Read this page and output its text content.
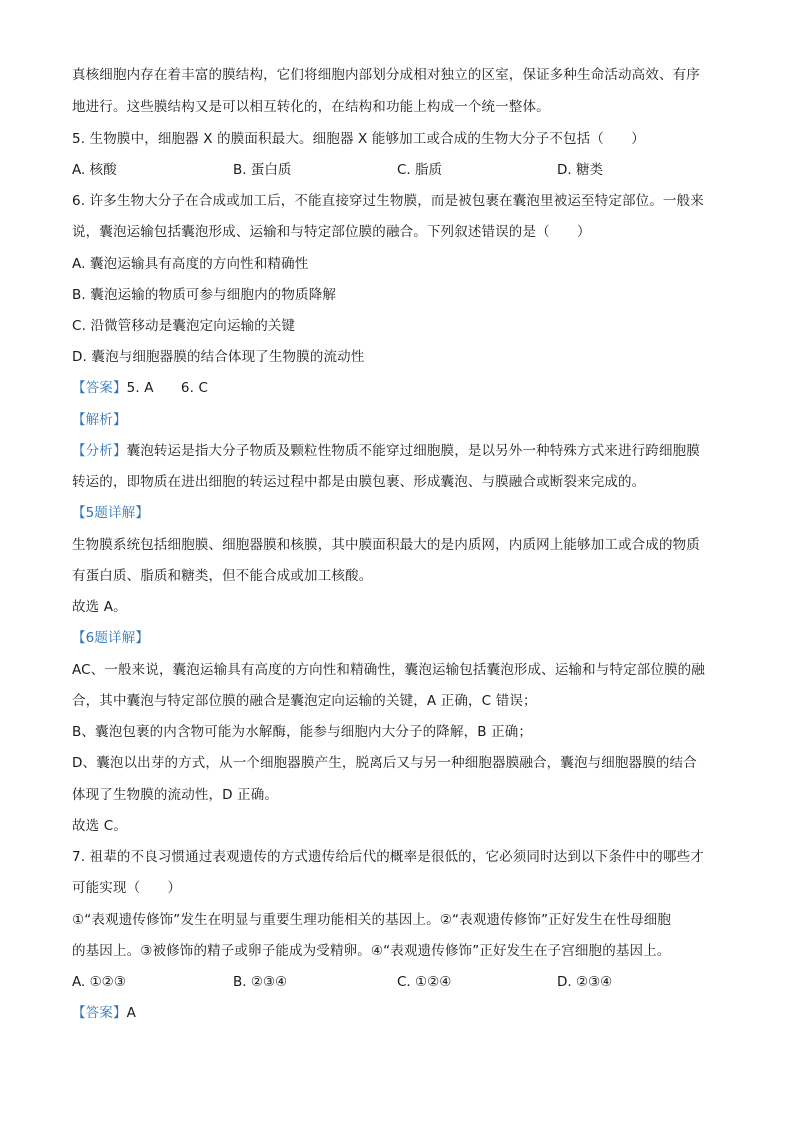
真核细胞内存在着丰富的膜结构，它们将细胞内部划分成相对独立的区室，保证多种生命活动高效、有序
地进行。这些膜结构又是可以相互转化的，在结构和功能上构成一个统一整体。
5. 生物膜中，细胞器 X 的膜面积最大。细胞器 X 能够加工或合成的生物大分子不包括（　　）
A. 核酸	B. 蛋白质	C. 脂质	D. 糖类
6. 许多生物大分子在合成或加工后，不能直接穿过生物膜，而是被包裹在囊泡里被运至特定部位。一般来
说，囊泡运输包括囊泡形成、运输和与特定部位膜的融合。下列叙述错误的是（　　）
A. 囊泡运输具有高度的方向性和精确性
B. 囊泡运输的物质可参与细胞内的物质降解
C. 沿微管移动是囊泡定向运输的关键
D. 囊泡与细胞器膜的结合体现了生物膜的流动性
【答案】5. A　　6. C
【解析】
【分析】囊泡转运是指大分子物质及颗粒性物质不能穿过细胞膜，是以另外一种特殊方式来进行跨细胞膜
转运的，即物质在进出细胞的转运过程中都是由膜包裹、形成囊泡、与膜融合或断裂来完成的。
【5题详解】
生物膜系统包括细胞膜、细胞器膜和核膜，其中膜面积最大的是内质网，内质网上能够加工或合成的物质
有蛋白质、脂质和糖类，但不能合成或加工核酸。
故选 A。
【6题详解】
AC、一般来说，囊泡运输具有高度的方向性和精确性，囊泡运输包括囊泡形成、运输和与特定部位膜的融
合，其中囊泡与特定部位膜的融合是囊泡定向运输的关键，A 正确，C 错误；
B、囊泡包裹的内含物可能为水解酶，能参与细胞内大分子的降解，B 正确；
D、囊泡以出芽的方式，从一个细胞器膜产生，脱离后又与另一种细胞器膜融合，囊泡与细胞器膜的结合
体现了生物膜的流动性，D 正确。
故选 C。
7. 祖辈的不良习惯通过表观遗传的方式遗传给后代的概率是很低的，它必须同时达到以下条件中的哪些才
可能实现（　　）
①“表观遗传修饰”发生在明显与重要生理功能相关的基因上。②“表观遗传修饰”正好发生在性母细胞
的基因上。③被修饰的精子或卵子能成为受精卵。④“表观遗传修饰”正好发生在子宫细胞的基因上。
A. ①②③	B. ②③④	C. ①②④	D. ②③④
【答案】A
